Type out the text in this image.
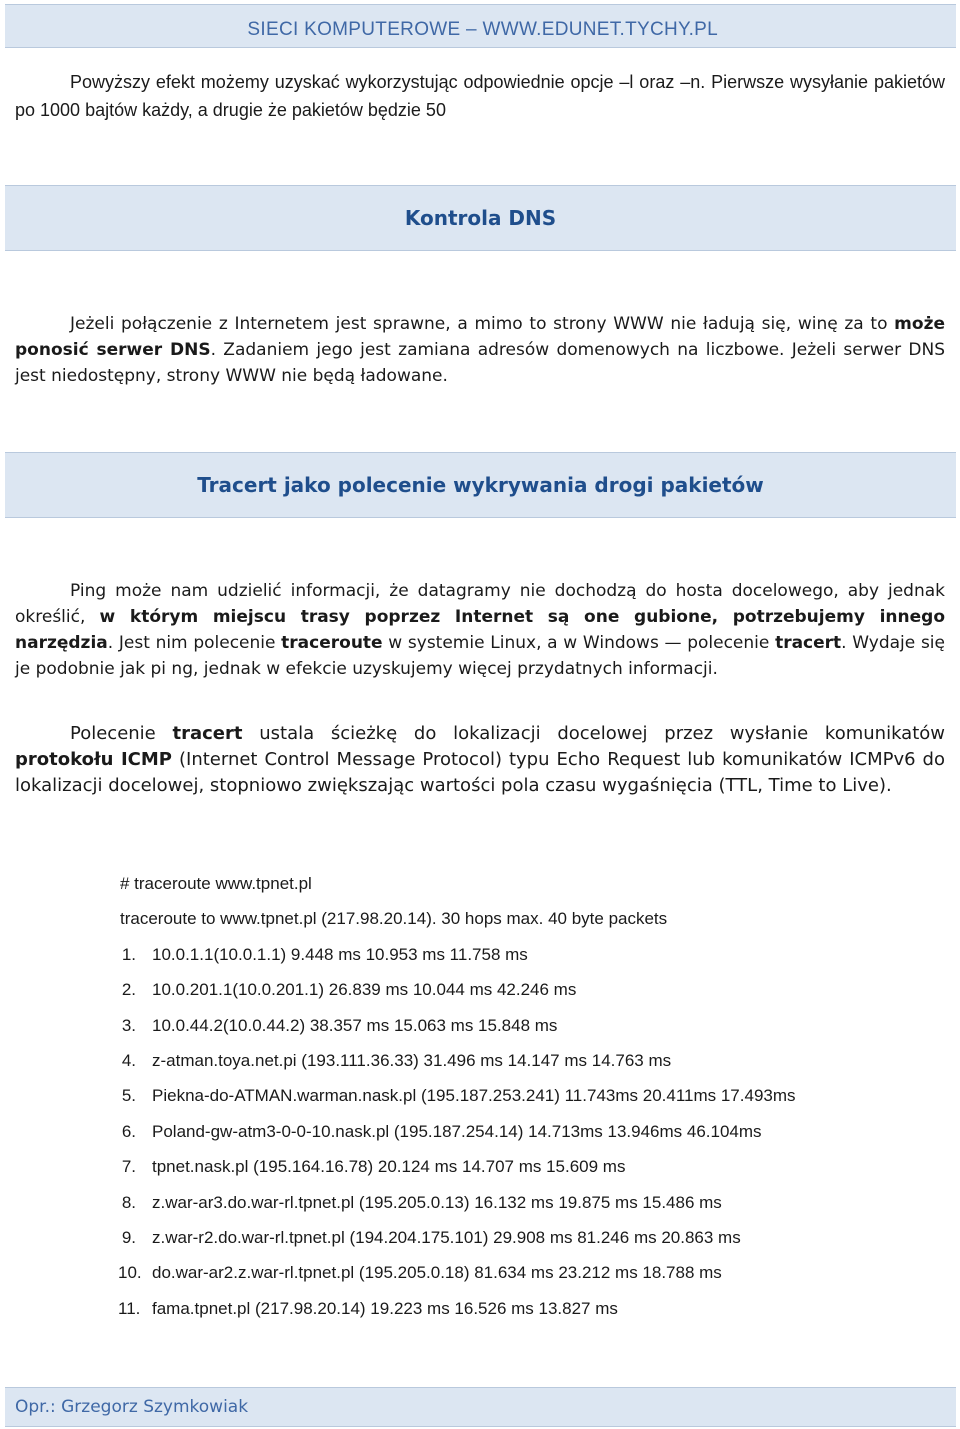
SIECI KOMPUTEROWE – WWW.EDUNET.TYCHY.PL

Powyższy efekt możemy uzyskać wykorzystując odpowiednie opcje –l oraz –n. Pierwsze wysyłanie pakietów po 1000 bajtów każdy, a drugie że pakietów będzie 50

Kontrola DNS

Jeżeli połączenie z Internetem jest sprawne, a mimo to strony WWW nie ładują się, winę za to może ponosić serwer DNS. Zadaniem jego jest zamiana adresów domenowych na liczbowe. Jeżeli serwer DNS jest niedostępny, strony WWW nie będą ładowane.

Tracert jako polecenie wykrywania drogi pakietów

Ping może nam udzielić informacji, że datagramy nie dochodzą do hosta docelowego, aby jednak określić, w którym miejscu trasy poprzez Internet są one gubione, potrzebujemy innego narzędzia. Jest nim polecenie traceroute w systemie Linux, a w Windows — polecenie tracert. Wydaje się je podobnie jak pi ng, jednak w efekcie uzyskujemy więcej przydatnych informacji.

Polecenie tracert ustala ścieżkę do lokalizacji docelowej przez wysłanie komunikatów protokołu ICMP (Internet Control Message Protocol) typu Echo Request lub komunikatów ICMPv6 do lokalizacji docelowej, stopniowo zwiększając wartości pola czasu wygaśnięcia (TTL, Time to Live).

# traceroute www.tpnet.pl
traceroute to www.tpnet.pl (217.98.20.14). 30 hops max. 40 byte packets
1. 10.0.1.1(10.0.1.1) 9.448 ms 10.953 ms 11.758 ms
2. 10.0.201.1(10.0.201.1) 26.839 ms 10.044 ms 42.246 ms
3. 10.0.44.2(10.0.44.2) 38.357 ms 15.063 ms 15.848 ms
4. z-atman.toya.net.pi (193.111.36.33) 31.496 ms 14.147 ms 14.763 ms
5. Piekna-do-ATMAN.warman.nask.pl (195.187.253.241) 11.743ms 20.411ms 17.493ms
6. Poland-gw-atm3-0-0-10.nask.pl (195.187.254.14) 14.713ms 13.946ms 46.104ms
7. tpnet.nask.pl (195.164.16.78) 20.124 ms 14.707 ms 15.609 ms
8. z.war-ar3.do.war-rl.tpnet.pl (195.205.0.13) 16.132 ms 19.875 ms 15.486 ms
9. z.war-r2.do.war-rl.tpnet.pl (194.204.175.101) 29.908 ms 81.246 ms 20.863 ms
10. do.war-ar2.z.war-rl.tpnet.pl (195.205.0.18) 81.634 ms 23.212 ms 18.788 ms
11. fama.tpnet.pl (217.98.20.14) 19.223 ms 16.526 ms 13.827 ms
Opr.: Grzegorz Szymkowiak
